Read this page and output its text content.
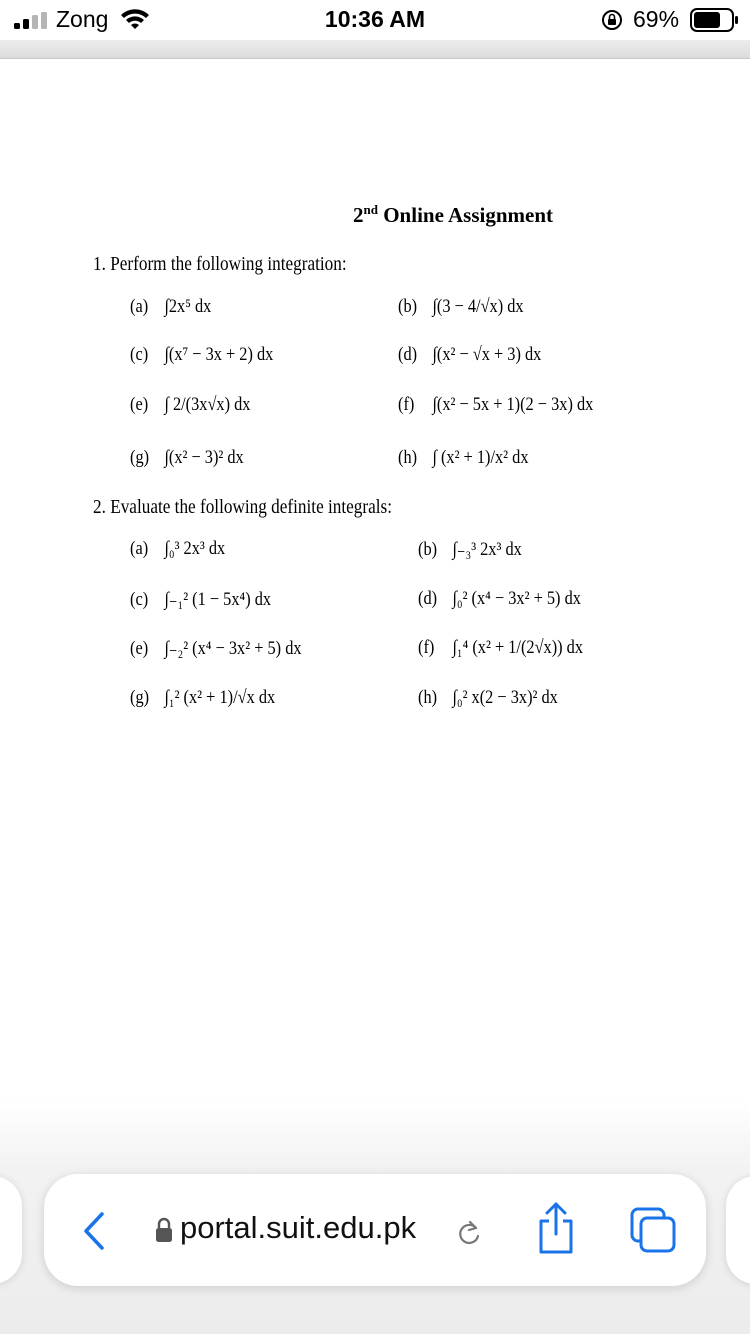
Zong	10:36 AM	69%
2nd Online Assignment
1. Perform the following integration:
(a) ∫2x⁵ dx	(b) ∫(3 − 4/√x) dx
(c) ∫(x⁷ − 3x + 2) dx	(d) ∫(x² − √x + 3) dx
(e) ∫ 2/(3x√x) dx	(f) ∫(x² − 5x + 1)(2 − 3x) dx
(g) ∫(x² − 3)² dx	(h) ∫ (x² + 1)/x² dx
2. Evaluate the following definite integrals:
(a) ∫₀³ 2x³ dx	(b) ∫₋₃³ 2x³ dx
(c) ∫₋₁² (1 − 5x⁴) dx	(d) ∫₀² (x⁴ − 3x² + 5) dx
(e) ∫₋₂² (x⁴ − 3x² + 5) dx	(f) ∫₁⁴ (x² + 1/(2√x)) dx
(g) ∫₁² (x² + 1)/√x dx	(h) ∫₀² x(2 − 3x)² dx
portal.suit.edu.pk
